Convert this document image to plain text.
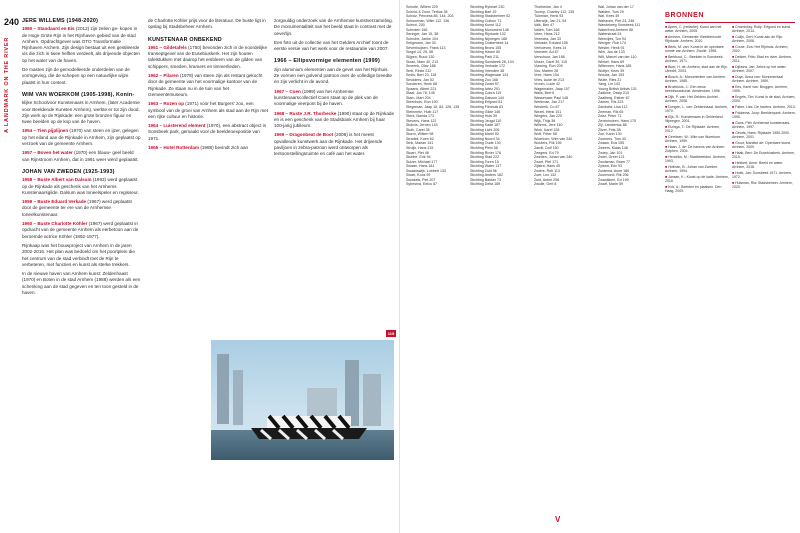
240
A LANDMARK ON THE RIVER
JERE WILLEMS (1948-2020)

1980 – Standaard en Eis (2012) zijn zeilen ge- kopen in de Hoge Grote Rijn in het Rijnhaven gebied van de stad Arnhem. Opdrachtgever was OTO Transformatie Rijnhaven Archem. Zijn design bestaat uit een gestileerde vis die zich in twee helften verdeelt, als drijvende objecten op het water van de haven.

De masten zijn de gemodelleerde onderdelen van de vormgeving, die de schepen op een natuurlijke wijze plaatst in hun context.

WIM VAN WOERKOM (1905-1998), Konin-

klijke Schoolvoor Kunstenaars in Arnhem, (later Academie voor Beeldende Kunsten Arnhem), werkte er tot zijn dood. Zijn werk op de Rijnkade: een grote bronzen figuur en twee beelden op de kop van de haven.

1954 – Tien pijplijnen (1970) van steen en ijzer, gelegen op het eiland aan de Rijnkade in Arnhem, zijn geplaatst op verzoek van de gemeente Arnhem.

1957 – Boven het water (1970) een blauw- geel beeld van Rijnstroom Arnhem, dat in 1991 weer werd geplaatst.

JOHAN VAN ZWEDEN (1925-1993)

1958 – Buste Albert van Dalsum (1993) werd geplaatst op de Rijnkade als geschenk van het Arnhems Kunstenaarsgilde. Dalsum was toneelspeler en regisseur.

1959 – Buste Eduard Verkade (1967) werd geplaatst door de gemeente ter ere van de Arnhemse toneelkunstenaar.

1960 – Buste Charlotte Köhler (1967) werd geplaatst in opdracht van de gemeente Arnhem als eerbetoon aan de beroemde actrice Köhler (1892-1977).

Rijnkaap was het bouwproject van Arnhem in de jaren 2002-2016. Het plan was bedoeld om het poortplein die het centrum van de stad verbindt met de Rijn te verbeteren, met functies en kunst als sterke trekkers.

In de nieuwe haven van Arnhem kunst: Zeldenhaast (1970) en Boten in de stad Arnhem (1988) werden als een schenking aan de stad gegeven en ten toon gesteld in de haven.

de Charlotte Köhler prijs voor de literatuur. De buste ligt in opslag bij Stadsbeheer Arnhem.

KUNSTENAAR ONBEKEND

1961 – Gildetafels (1750) bevonden zich in de noordelijke transeptgevel van de Eusebiuskerk. Het zijn houten tafelstukken met daarop het embleem van de gilden van schippers, smeden, kramers en timmerlieden.

1962 – Pilaren (1978) van steen zijn als restant gekocht door de gemeente van het voormalige kantoor van de Rijnkade. Ze staan nu in de tuin van het Gemeentemuseum.

1963 – Rozen op (1971) voor het Burgers' zoo, een symbool van de groei van Arnhem als stad aan de Rijn met een rijke cultuur en historie.

1964 – Luisterend element (1970), een abstract object in Sonsbeek park, gemaakt voor de beeldenexpositie van 1971.

1965 – Hotel Rotterdam (1988) bevindt zich aan

zorgvuldig onderzoek van de Arnhemse kunstverzameling. De monumentaliteit van het beeld staat in contrast met de oeverlijn.

Een foto uit de collectie van het Gelders Archief toont de eerste versie van het werk voor de restauratie van 2007.

1966 – Ellipsvormige elementen (1999)

zijn aluminium elementen aan de gevel van het Rijnhuis. Ze vormen een golvend patroon over de volledige breedte en zijn verlicht in de avond.

1967 – Coen (1999) van het Arnhemse kunstenaarscollectief Coen staat op de plek van de voormalige veerpont bij de haven.

1968 – Ruste J.R. Thorbecke (1990) staat op de Rijnkade en is een geschenk van de Stadsbank Arnhem bij haar 100-jarig jubileum.

1969 – Dragonbeat de Boot (2006) is het meest opvallende kunstwerk aan de Rijnkade. Het drijvende paviljoen in zebra-patroon werd ontworpen als tentoonstellingsruimte en café aan het water.

115
Schulte, Willem 229
Schröd & Zoon, Tertius 38
Scholz, Princess 85, 144, 203
Schuurman, Wilm 112, 136
Scierzi, 200
Schroten 156
Seringer, Jan 15, 38
Schrohe, Janke 104
Seligmann, Jan 30
Sevenhuijsen, Frank 113
Siegel 14, 25, 58
Slijpen, Ruud 130
Sloan, Marc 40, 213
Smeenk, Olav 188
Smit, Rinke 212
Smits, Bert 23, 118
Smolders, Jan 52
Sonderen, Henk 88
Spaans, Albert 221
Staal, Jos 78, 145
Stam, Mart 204
Steenhuis, Ron 190
Stegeman, Jaap 16, 84, 126, 135
Steinmetz, Huib 117
Sterk, Nanda 173
Stevens, Hans 122
Stokvis, Jeroen 143
Stolk, Carel 35
Storm, Willem 98
Stradiot, Koen 62
Strik, Marian 141
Struijk, Hans 215
Stuart, Piet 46
Stubbe, Erik 94
Sulzer, Michael 177
Swaan, Hans 181
Swaanswijk, Lubbert 133
Swart, Koos 99
Swinkels, Piet 207
Sybesma, Eelco 87
Stichting Ryheart 230
Stichting Bart 19
Stichting Stadsbeheer 52
Stichting Cultuur 71
Stichting Kunst 112
Stichting Monument 148
Stichting Rijnkade 102
Stichting Nijmegen 188
Stichting Oosterbeek 14
Stichting Brons 155
Stichting Haven 60
Stichting Park 211
Stichting Sonsbeek 28, 104
Stichting Verkade 172
Stichting Vrienden 38
Stichting Wagenaar 124
Stichting Zoo 166
Stichting Zwart 97
Stichting Artez 201
Stichting Cobra 119
Stichting Dalsum 144
Stichting Erfgoed 81
Stichting Filmhuis 63
Stichting Gilde 146
Stichting Huis 39
Stichting Jeugd 110
Stichting Kade 187
Stichting Licht 206
Stichting Markt 90
Stichting Noord 34
Stichting Oude 130
Stichting Plein 58
Stichting Rivier 176
Stichting Stad 222
Stichting Toren 15
Stichting Water 137
Stichting Zuid 96
Stichting Anders 162
Stichting Bakker 73
Stichting Delta 189
Thorbecke, Jan 4
Toorop, Charley 112, 135
Tuinman, Henk 93
Uiterwijk, Jan 21, 54
Valk, Ben 47
Vallen, Tom 168
Veen, Hans 212
Veenstra, Jan 33
Verkade, Eduard 155
Verhoeven, Kees 14
Vermeer, Ad 87
Verschuur, Jan 186
Visser, Carel 39, 115
Vlaming, Ron 209
Vos, Marten 28
Vree, Hans 154
Vries, Auke de 213
Vroom, Lucie 42
Wagemaker, Jaap 107
Walls, Bert 6
Wassenaar, Paul 148
Werkman, Jan 217
Westerik, Co 67
Wezel, Henk 101
Wiegers, Jan 220
Wijk, Thijs 38
Willems, Jere 140
Wink, Karel 128
Wolf, Peter 58
Woerkom, Wim van 240
Wouters, Rik 195
Zandt, Dolf 150
Zeegers, Ed 79
Zweden, Johan van 240
Zwart, Piet 171
Zijlstra, Hans 45
Zwiers, Rob 113
Zoet, Leo 132
Zuid, Anton 206
Zwolle, Gert 8
Wal, Johan van der 17
Walden, Tom 29
Wal, Kees 49
Walraven, Piet 23, 246
Wandelweg Sonsbeek 111
Waterfront Arnhem 56
Waterstraat 24
Weerdjes, Ton 94
Wenger, Rob 174
Wester, Henk 91
Wiel, Jan de 133
Wilt, Marcel van der 110
Winkel, Hans 69
Witteveen, Hans 185
Woltjer, Kees 39
Wouda, Jan 153
Wuite, Ries 21
Yang, Lin 143
Young British Artists 131
Zadkine, Ossip 215
Zaalberg, Esther 67
Zamen, Ris 223
Zandstra, Lisa 112
Zeeman, Rik 65
Zeist, Peter 71
Zevenhuizen, Hans 175
Zijl, Lambertus 88
Zilver, Frits 38
Zon, Karin 130
Zoomers, Tom 43
Zwaan, Eva 155
Zweers, Klaas 148
Zwiep, Jan 101
Zwier, Greet 121
Zwolsman, Bram 77
Zylstra, Eric 93
Zuidema, Anne 186
Zuurmond, Rik 206
Zwanikken, Ed 199
Zwart, Marie 59
BRONNEN
■ Apers, C. [redactie]: Kunst aan het water. Arnhem, 2005.
■ Arnhem, Gemeente: Beeldenroute Rijnkade. Arnhem, 2010.
■ Beek, M. van: Kunst in de openbare ruimte van Arnhem. Zwolle, 1998.
■ Berkhout, C.: Beelden in Sonsbeek. Arnhem, 1971.
■ Boer, H. de: Arnhem, stad aan de Rijn. Utrecht, 2003.
■ Bosch, A.: Monumenten van Arnhem. Arnhem, 1985.
■ Broekhuis, J.: Een eeuw beeldhouwkunst. Amsterdam, 1996.
■ Dijk, P. van: Het Gelders Archief. Arnhem, 2008.
■ Dongen, L. van: Zeldenhaast. Arnhem, 1970.
■ Eijk, R.: Kunstenaars in Gelderland. Nijmegen, 2001.
■ Elzinga, T.: De Rijnkade. Arnhem, 2012.
■ Gerritsen, W.: Wim van Woerkom. Arnhem, 1999.
■ Haan, J. de: De havens van Arnhem. Zutphen, 2004.
■ Hendriks, M.: Stadsbeelden. Arnhem, 1993.
■ Hofman, B.: Johan van Zweden. Arnhem, 1994.
■ Jansen, K.: Kunst op de kade. Arnhem, 2016.
■ Kok, A.: Beelden en plaatsen. Den Haag, 2009.
■ Chomicksy, Rolly: Erfgoed en kunst. Arnhem, 2014.
■ Colijn, Gert: Kunst aan de Rijn. Arnhem, 2006.
■ Crone, Eva: Het Rijnhuis. Arnhem, 2002.
■ Dekker, Frits: Stad en rivier. Arnhem, 2011.
■ Dijkstra, Jan: Zebra op het water. Arnhem, 2007.
■ Duyn, Anna van: Monumentaal Arnhem. Arnhem, 1989.
■ Ees, Karel van: Bruggen. Arnhem, 1995.
■ Engels, Tim: Kunst in de stad. Arnhem, 2000.
■ Faber, Lies: De havens. Arnhem, 2013.
■ Fokkema, Joop: Beeldenpark. Arnhem, 1990.
■ Gans, Piet: Arnhemse kunstenaars. Arnhem, 1997.
■ Geurts, Hans: Rijnkade 1950-2000. Arnhem, 2001.
■ Groot, Marieke de: Openbare kunst. Arnhem, 2009.
■ Haak, Bert: De Eusebiuskerk. Arnhem, 2015.
■ Hekkert, Anne: Beeld en water. Arnhem, 2018.
■ Hoek, Jan: Sonsbeek 1971. Arnhem, 1972.
■ Huisman, Ria: Stadsbeheer. Arnhem, 2020.
V
